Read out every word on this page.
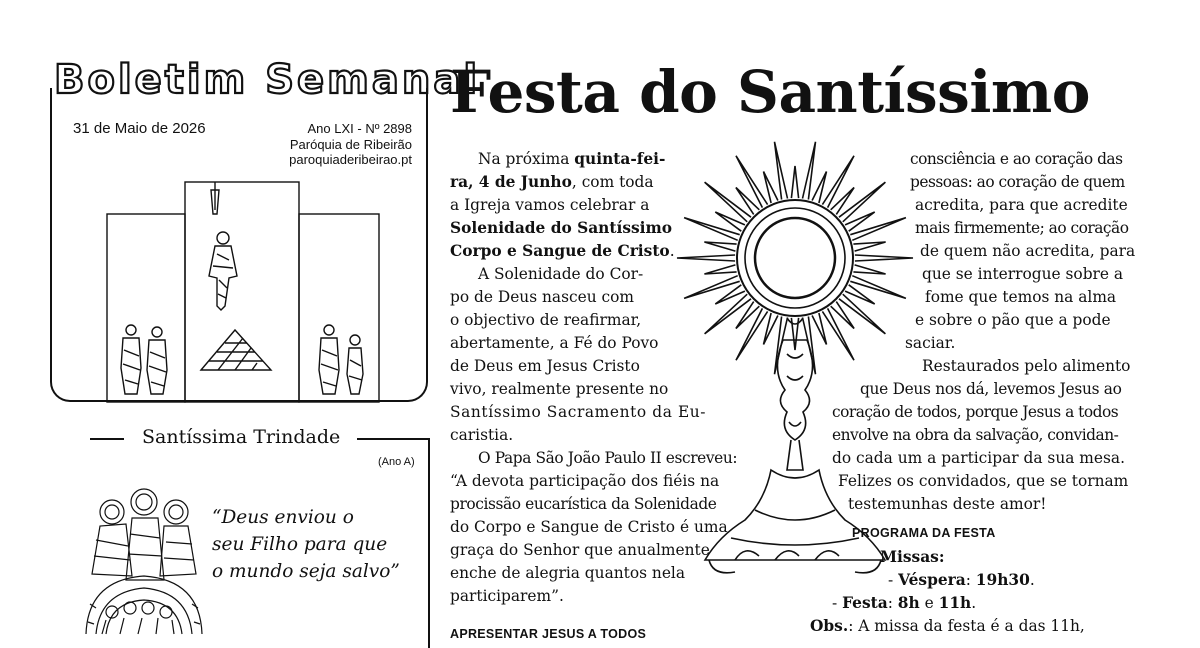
Boletim Semanal
31 de Maio de 2026	Ano LXI - Nº 2898
Paróquia de Ribeirão
paroquiaderibeirao.pt
Santíssima Trindade
(Ano A)
“Deus enviou o
seu Filho para que
o mundo seja salvo”
Festa do Santíssimo
Na próxima quinta-fei-
ra, 4 de Junho, com toda
a Igreja vamos celebrar a
Solenidade do Santíssimo
Corpo e Sangue de Cristo.
A Solenidade do Cor-
po de Deus nasceu com
o objectivo de reafirmar,
abertamente, a Fé do Povo
de Deus em Jesus Cristo
vivo, realmente presente no
Santíssimo Sacramento da Eu-
caristia.
O Papa São João Paulo II escreveu:
“A devota participação dos fiéis na
procissão eucarística da Solenidade
do Corpo e Sangue de Cristo é uma
graça do Senhor que anualmente
enche de alegria quantos nela
participarem”.
APRESENTAR JESUS A TODOS
consciência e ao coração das
pessoas: ao coração de quem
acredita, para que acredite
mais firmemente; ao coração
de quem não acredita, para
que se interrogue sobre a
fome que temos na alma
e sobre o pão que a pode
saciar.
Restaurados pelo alimento
que Deus nos dá, levemos Jesus ao
coração de todos, porque Jesus a todos
envolve na obra da salvação, convidan-
do cada um a participar da sua mesa.
Felizes os convidados, que se tornam
testemunhas deste amor!
PROGRAMA DA FESTA
Missas:
- Véspera: 19h30.
- Festa: 8h e 11h.
Obs.: A missa da festa é a das 11h,
